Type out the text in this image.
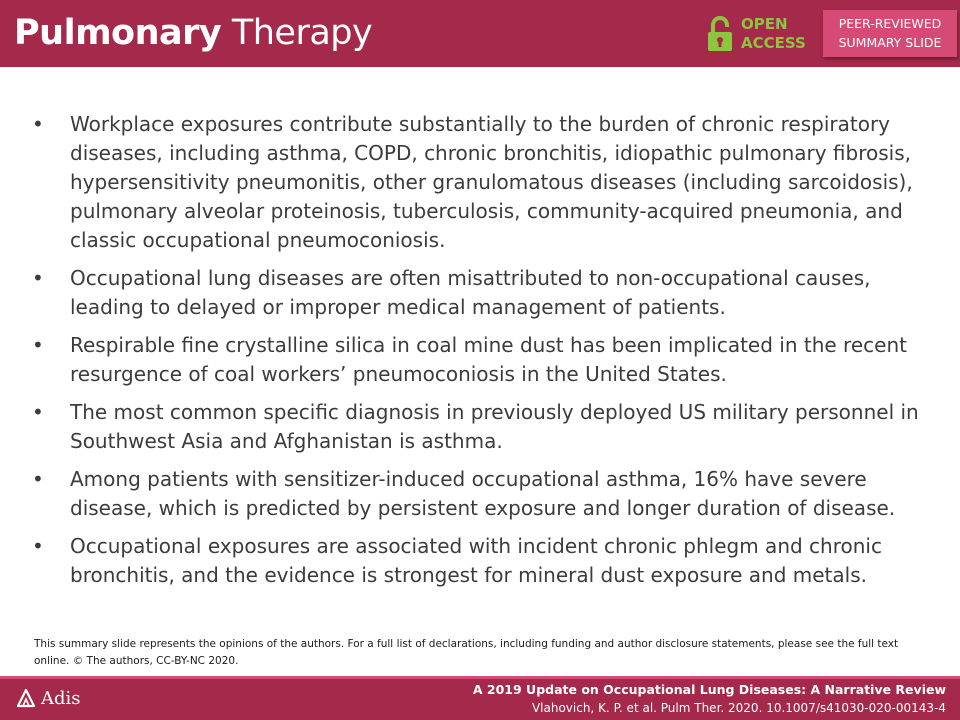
Pulmonary Therapy	OPEN
ACCESS
PEER-REVIEWED
SUMMARY SLIDE
• Workplace exposures contribute substantially to the burden of chronic respiratory diseases, including asthma, COPD, chronic bronchitis, idiopathic pulmonary fibrosis, hypersensitivity pneumonitis, other granulomatous diseases (including sarcoidosis), pulmonary alveolar proteinosis, tuberculosis, community-acquired pneumonia, and classic occupational pneumoconiosis.
• Occupational lung diseases are often misattributed to non-occupational causes, leading to delayed or improper medical management of patients.
• Respirable fine crystalline silica in coal mine dust has been implicated in the recent resurgence of coal workers’ pneumoconiosis in the United States.
• The most common specific diagnosis in previously deployed US military personnel in Southwest Asia and Afghanistan is asthma.
• Among patients with sensitizer-induced occupational asthma, 16% have severe disease, which is predicted by persistent exposure and longer duration of disease.
• Occupational exposures are associated with incident chronic phlegm and chronic bronchitis, and the evidence is strongest for mineral dust exposure and metals.
This summary slide represents the opinions of the authors. For a full list of declarations, including funding and author disclosure statements, please see the full text online. © The authors, CC-BY-NC 2020.
Adis	A 2019 Update on Occupational Lung Diseases: A Narrative Review
Vlahovich, K. P. et al. Pulm Ther. 2020. 10.1007/s41030-020-00143-4
